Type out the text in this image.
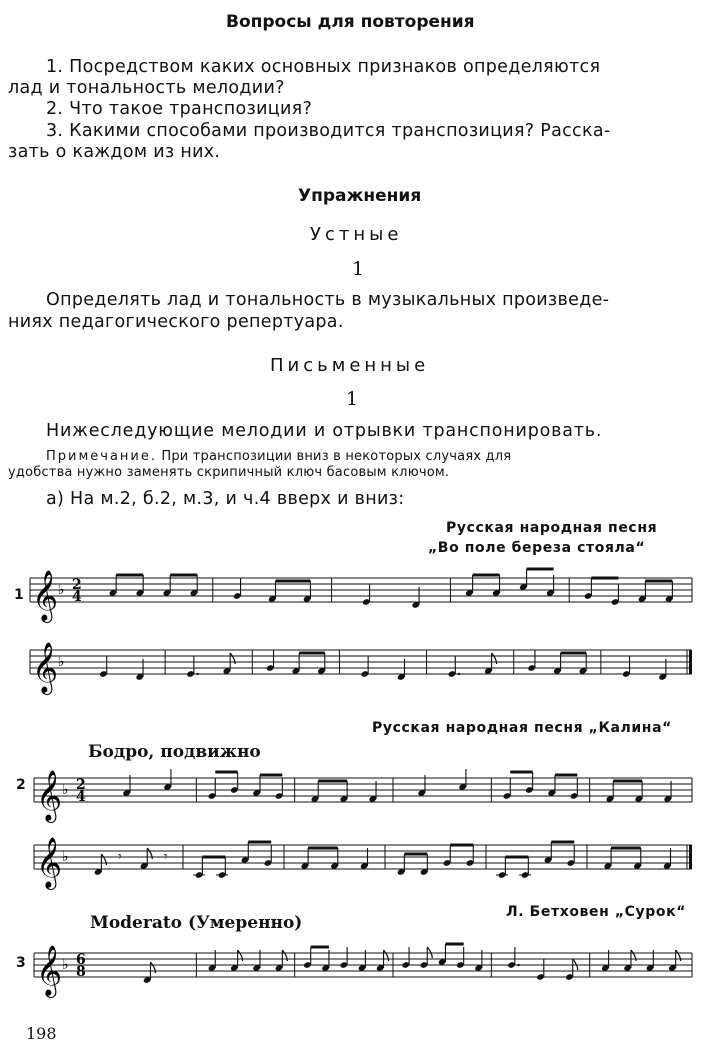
Вопросы для повторения
1. Посредством каких основных признаков определяются
лад и тональность мелодии?
2. Что такое транспозиция?
3. Какими способами производится транспозиция? Расска-
зать о каждом из них.
Упражнения
Устные
1
Определять лад и тональность в музыкальных произведе-
ниях педагогического репертуара.
Письменные
1
Нижеследующие мелодии и отрывки транспонировать.
Примечание. При транспозиции вниз в некоторых случаях для
удобства нужно заменять скрипичный ключ басовым ключом.
а) На м.2, б.2, м.3, и ч.4 вверх и вниз:
Русская народная песня
„Во поле береза стояла“
1
Русская народная песня „Калина“
Бодро, подвижно
2
Л. Бетховен „Сурок“
Moderato (Умеренно)
3
198
𝄞 ♭ 2
4
𝄞 ♭
𝄞 ♭ 2
4
𝄞 ♭	𝄾	𝄾
𝄞 ♭ 6
8
